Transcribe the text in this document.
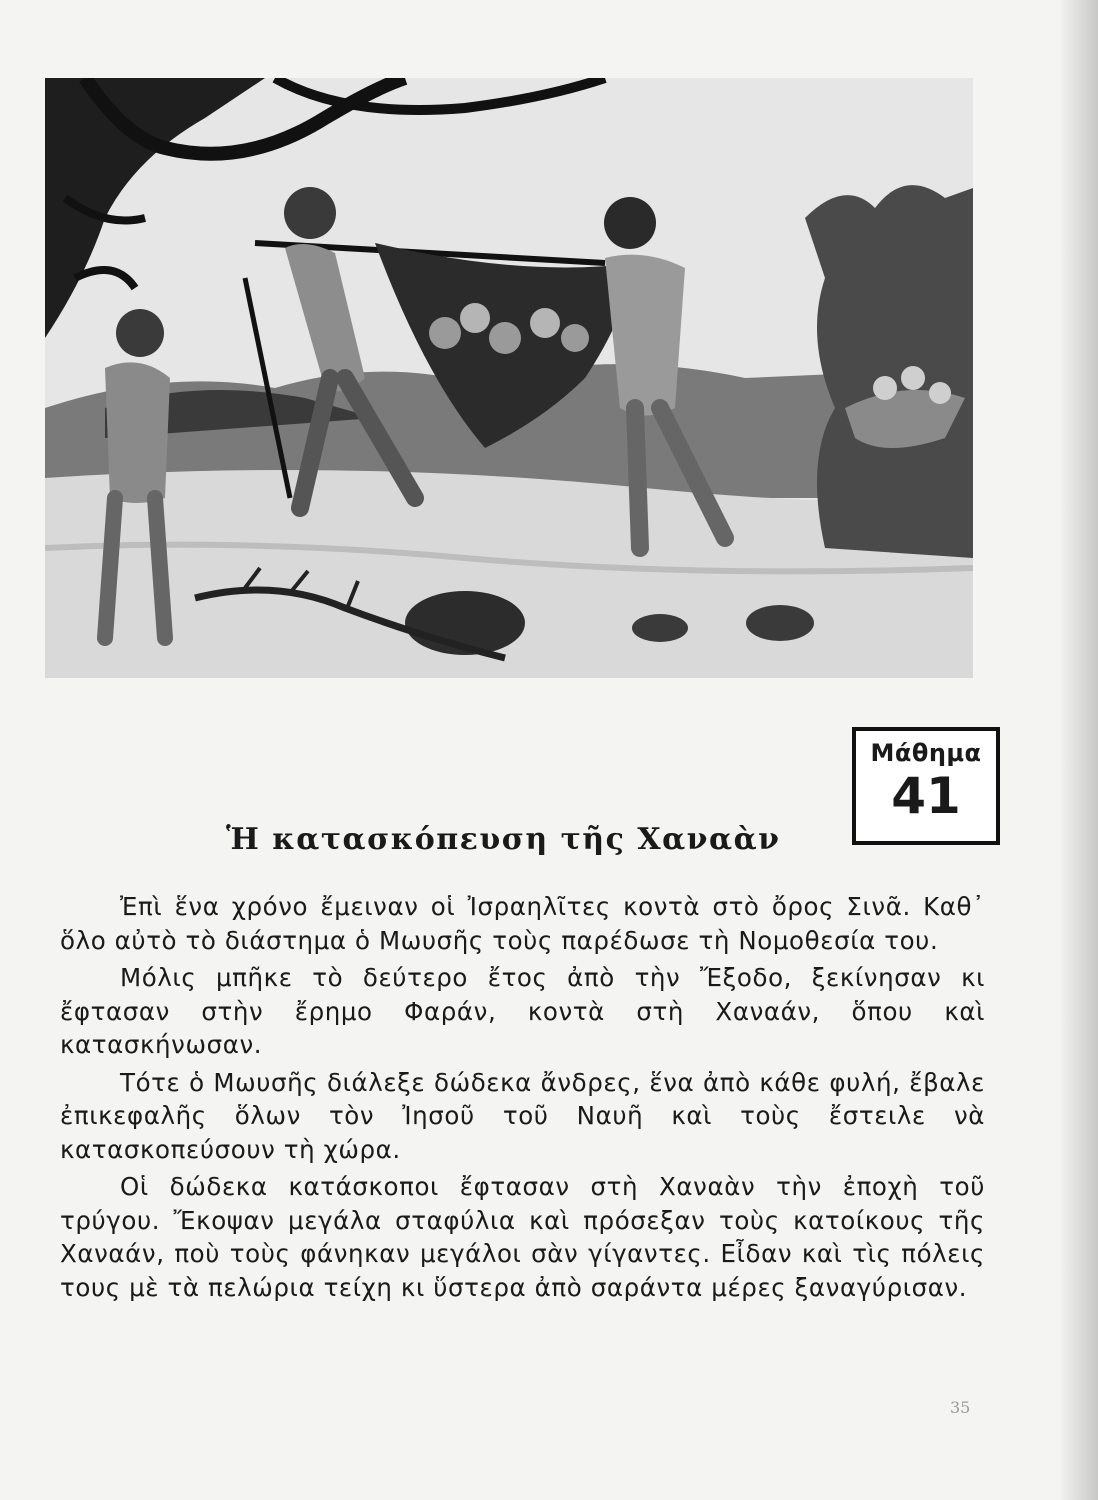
Μάθημα
41
Ἡ κατασκόπευση τῆς Χαναὰν

Ἐπὶ ἕνα χρόνο ἔμειναν οἱ Ἰσραηλῖτες κοντὰ στὸ ὄρος Σινᾶ. Καθ᾿ ὅλο αὐτὸ τὸ διάστημα ὁ Μωυσῆς τοὺς παρέδωσε τὴ Νομοθεσία του.

Μόλις μπῆκε τὸ δεύτερο ἔτος ἀπὸ τὴν Ἔξοδο, ξεκίνησαν κι ἔφτασαν στὴν ἔρημο Φαράν, κοντὰ στὴ Χαναάν, ὅπου καὶ κατασκήνωσαν.

Τότε ὁ Μωυσῆς διάλεξε δώδεκα ἄνδρες, ἕνα ἀπὸ κάθε φυλή, ἔβαλε ἐπικεφαλῆς ὅλων τὸν Ἰησοῦ τοῦ Ναυῆ καὶ τοὺς ἔστειλε νὰ κατασκοπεύσουν τὴ χώρα.

Οἱ δώδεκα κατάσκοποι ἔφτασαν στὴ Χαναὰν τὴν ἐποχὴ τοῦ τρύγου. Ἔκοψαν μεγάλα σταφύλια καὶ πρόσεξαν τοὺς κατοίκους τῆς Χαναάν, ποὺ τοὺς φάνηκαν μεγάλοι σὰν γίγαντες. Εἶδαν καὶ τὶς πόλεις τους μὲ τὰ πελώρια τείχη κι ὕστερα ἀπὸ σαράντα μέρες ξαναγύρισαν.

35
